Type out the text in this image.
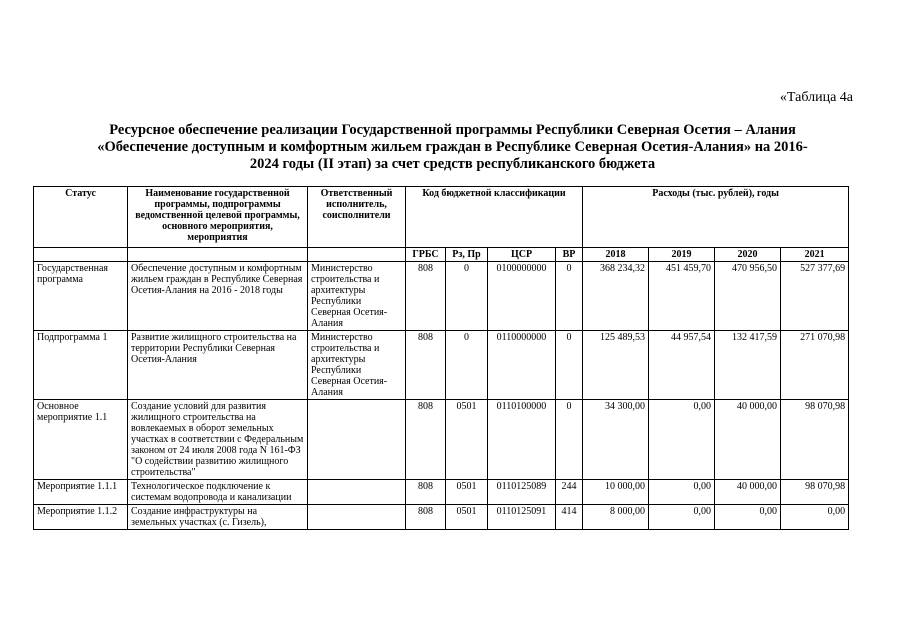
«Таблица 4а
Ресурсное обеспечение реализации Государственной программы Республики Северная Осетия – Алания
«Обеспечение доступным и комфортным жильем граждан в Республике Северная Осетия-Алания» на 2016-
2024 годы (II этап) за счет средств республиканского бюджета
Статус	Наименование государственной программы, подпрограммы ведомственной целевой программы, основного мероприятия, мероприятия	Ответственный исполнитель, соисполнители	Код бюджетной классификации				Расходы (тыс. рублей), годы			
			ГРБС	Рз, Пр	ЦСР	ВР	2018	2019	2020	2021
Государственная программа	Обеспечение доступным и комфортным жильем граждан в Республике Северная Осетия-Алания на 2016 - 2018 годы	Министерство строительства и архитектуры Республики Северная Осетия-Алания	808	0	0100000000	0	368 234,32	451 459,70	470 956,50	527 377,69
Подпрограмма 1	Развитие жилищного строительства на территории Республики Северная Осетия-Алания	Министерство строительства и архитектуры Республики Северная Осетия-Алания	808	0	0110000000	0	125 489,53	44 957,54	132 417,59	271 070,98
Основное мероприятие 1.1	Создание условий для развития жилищного строительства на вовлекаемых в оборот земельных участках в соответствии с Федеральным законом от 24 июля 2008 года N 161-ФЗ "О содействии развитию жилищного строительства"		808	0501	0110100000	0	34 300,00	0,00	40 000,00	98 070,98
Мероприятие 1.1.1	Технологическое подключение к системам водопровода и канализации		808	0501	0110125089	244	10 000,00	0,00	40 000,00	98 070,98
Мероприятие 1.1.2	Создание инфраструктуры на земельных участках (с. Гизель),		808	0501	0110125091	414	8 000,00	0,00	0,00	0,00
